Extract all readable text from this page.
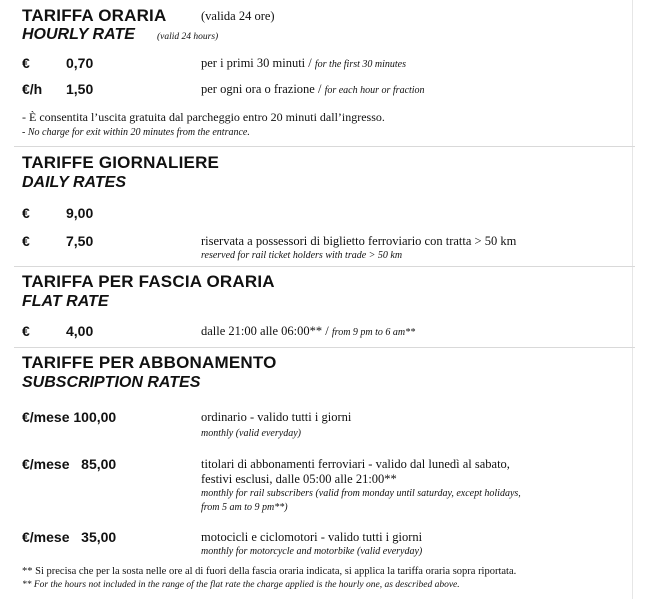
TARIFFA ORARIA	(valida 24 ore)
HOURLY RATE (valid 24 hours)
€	0,70	per i primi 30 minuti / for the first 30 minutes
€/h 1,50	per ogni ora o frazione / for each hour or fraction
- È consentita l’uscita gratuita dal parcheggio entro 20 minuti dall’ingresso.
- No charge for exit within 20 minutes from the entrance.
TARIFFE GIORNALIERE
DAILY RATES
€	9,00
€	7,50	riservata a possessori di biglietto ferroviario con tratta > 50 km
reserved for rail ticket holders with trade > 50 km
TARIFFA PER FASCIA ORARIA
FLAT RATE
€	4,00	dalle 21:00 alle 06:00** / from 9 pm to 6 am**
TARIFFE PER ABBONAMENTO
SUBSCRIPTION RATES
€/mese 100,00	ordinario - valido tutti i giorni
monthly (valid everyday)
€/mese   85,00	titolari di abbonamenti ferroviari - valido dal lunedì al sabato,
festivi esclusi, dalle 05:00 alle 21:00**
monthly for rail subscribers (valid from monday until saturday, except holidays,
from 5 am to 9 pm**)
€/mese   35,00	motocicli e ciclomotori - valido tutti i giorni
monthly for motorcycle and motorbike (valid everyday)
** Si precisa che per la sosta nelle ore al di fuori della fascia oraria indicata, si applica la tariffa oraria sopra riportata.
** For the hours not included in the range of the flat rate the charge applied is the hourly one, as described above.
